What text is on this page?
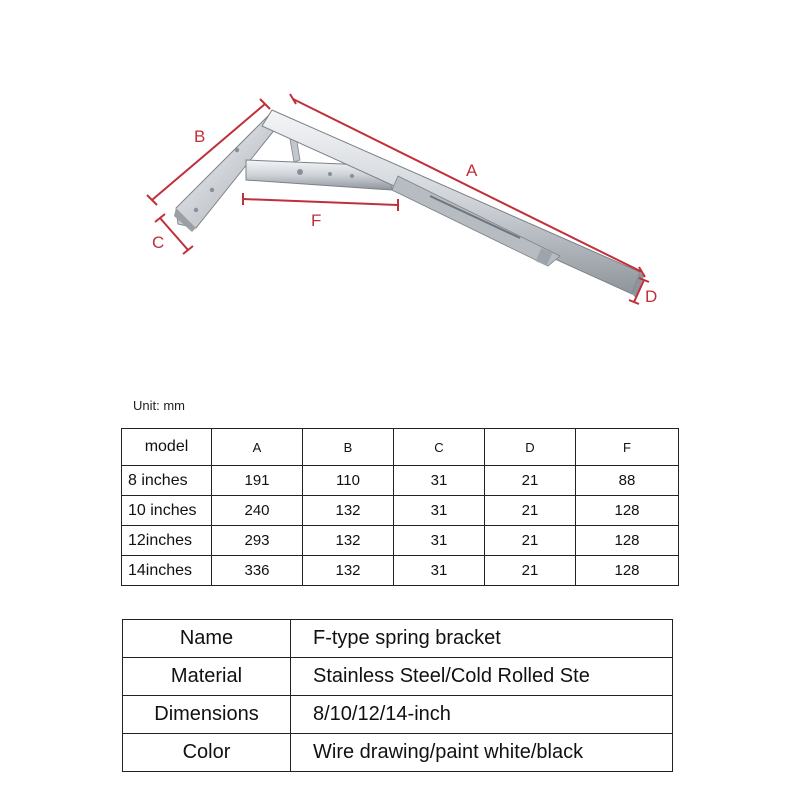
A
B
C
D
F
Unit: mm
model	A	B	C	D	F
8 inches	191	110	31	21	88
10 inches	240	132	31	21	128
12inches	293	132	31	21	128
14inches	336	132	31	21	128
Name	F-type spring bracket
Material	Stainless Steel/Cold Rolled Ste
Dimensions	8/10/12/14-inch
Color	Wire drawing/paint white/black
